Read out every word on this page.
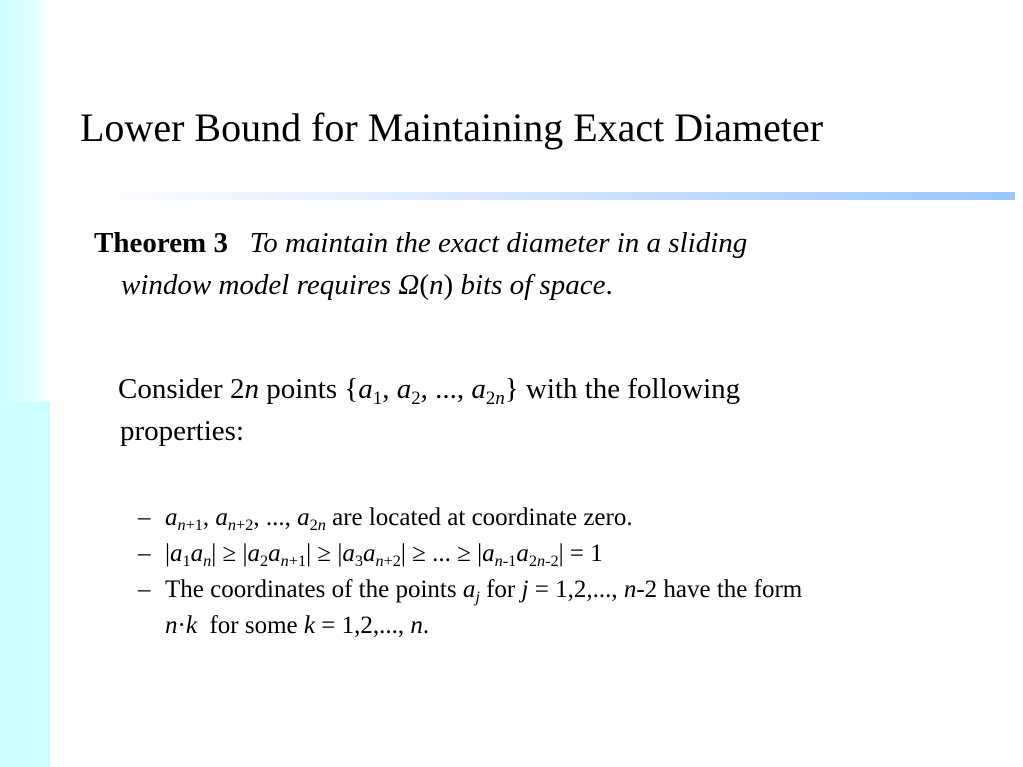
Lower Bound for Maintaining Exact Diameter
Theorem 3 To maintain the exact diameter in a sliding
window model requires Ω(n) bits of space.
Consider 2n points {$a_1$, $a_2$, ..., $a_{2n}$} with the following
properties:
– $a_{n+1}$, $a_{n+2}$, ..., $a_{2n}$ are located at coordinate zero.
– $|a_1a_n| \ge |a_2a_{n+1}| \ge |a_3a_{n+2}|$ ≥ ... ≥ $|a_{n-1}a_{2n-2}| = 1$
– The coordinates of the points $a_j$ for j = 1,2,..., n-2 have the form
n·k  for some k = 1,2,..., n.
